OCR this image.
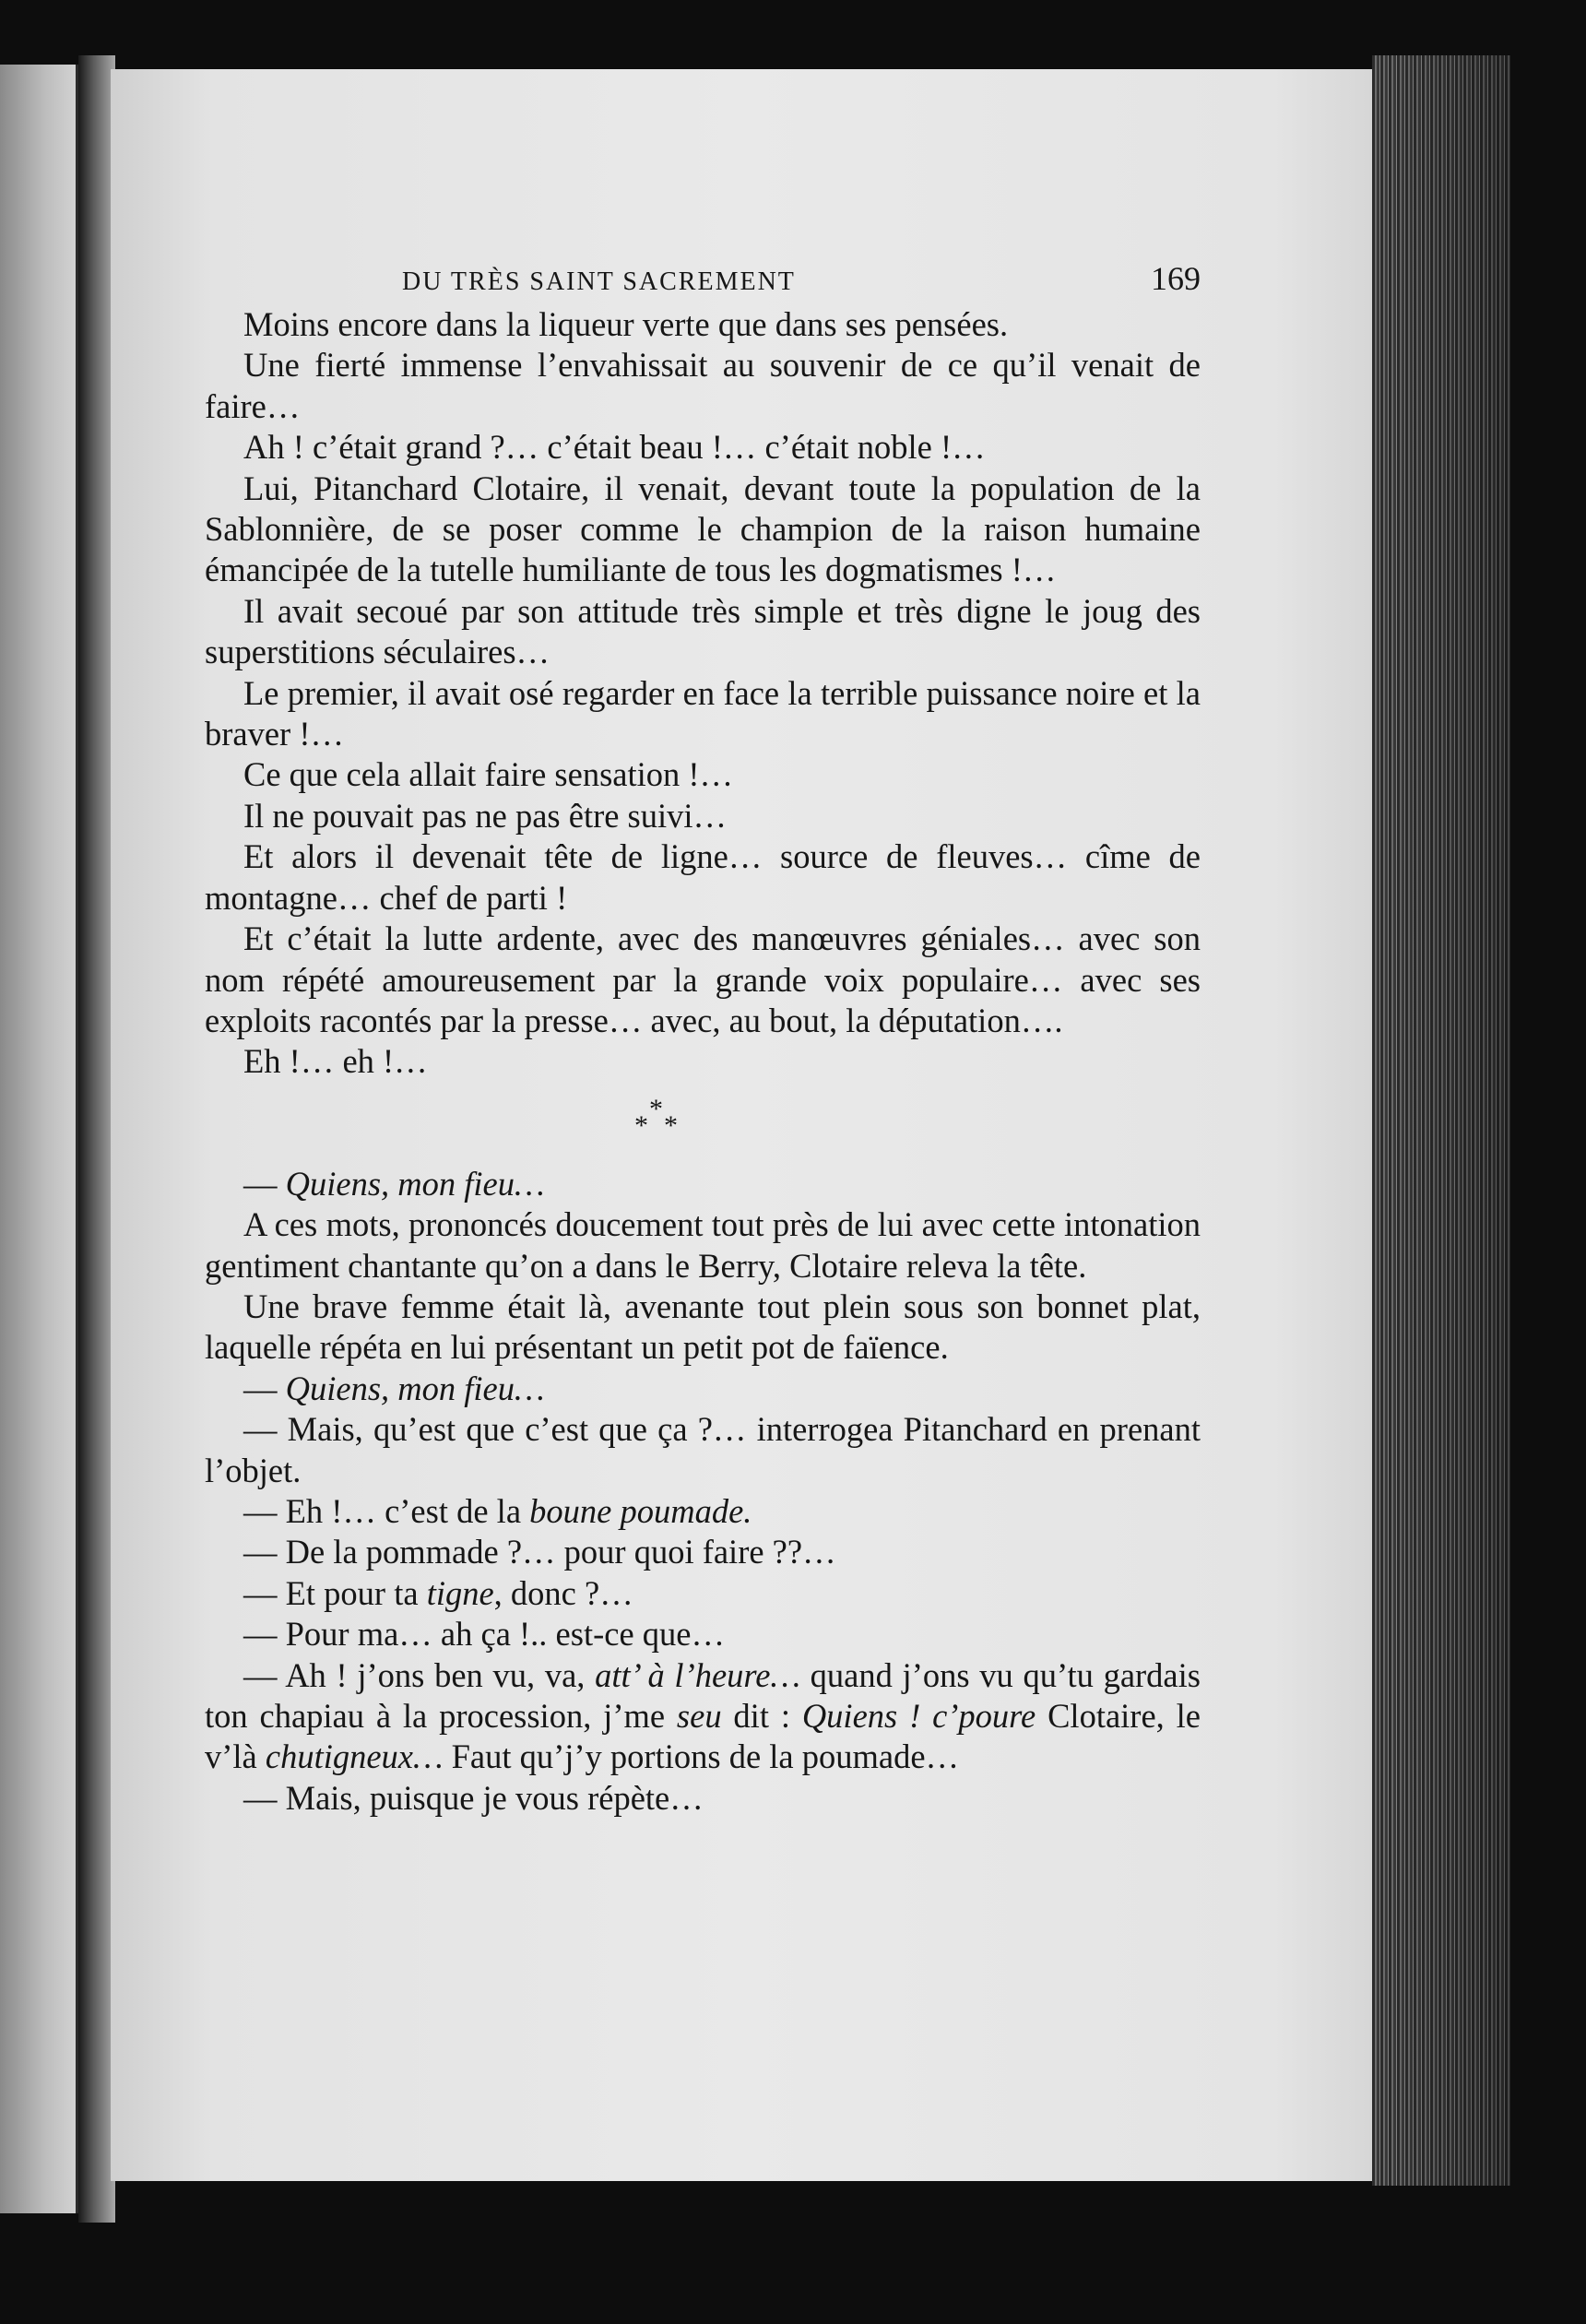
DU TRÈS SAINT SACREMENT	169

Moins encore dans la liqueur verte que dans ses pensées.

Une fierté immense l’envahissait au souvenir de ce qu’il venait de faire…

Ah ! c’était grand ?… c’était beau !… c’était noble !…

Lui, Pitanchard Clotaire, il venait, devant toute la population de la Sablonnière, de se poser comme le champion de la raison humaine émancipée de la tutelle humiliante de tous les dogmatismes !…

Il avait secoué par son attitude très simple et très digne le joug des superstitions séculaires…

Le premier, il avait osé regarder en face la terrible puissance noire et la braver !…

Ce que cela allait faire sensation !…

Il ne pouvait pas ne pas être suivi…

Et alors il devenait tête de ligne… source de fleuves… cîme de montagne… chef de parti !

Et c’était la lutte ardente, avec des manœuvres géniales… avec son nom répété amoureusement par la grande voix populaire… avec ses exploits racontés par la presse… avec, au bout, la députation….

Eh !… eh !…

*
* *

— Quiens, mon fieu…

A ces mots, prononcés doucement tout près de lui avec cette intonation gentiment chantante qu’on a dans le Berry, Clotaire releva la tête.

Une brave femme était là, avenante tout plein sous son bonnet plat, laquelle répéta en lui présentant un petit pot de faïence.

— Quiens, mon fieu…

— Mais, qu’est que c’est que ça ?… interrogea Pitanchard en prenant l’objet.

— Eh !… c’est de la boune poumade.

— De la pommade ?… pour quoi faire ??…

— Et pour ta tigne, donc ?…

— Pour ma… ah ça !.. est-ce que…

— Ah ! j’ons ben vu, va, att’ à l’heure… quand j’ons vu qu’tu gardais ton chapiau à la procession, j’me seu dit : Quiens ! c’poure Clotaire, le v’là chutigneux… Faut qu’j’y portions de la poumade…

— Mais, puisque je vous répète…
